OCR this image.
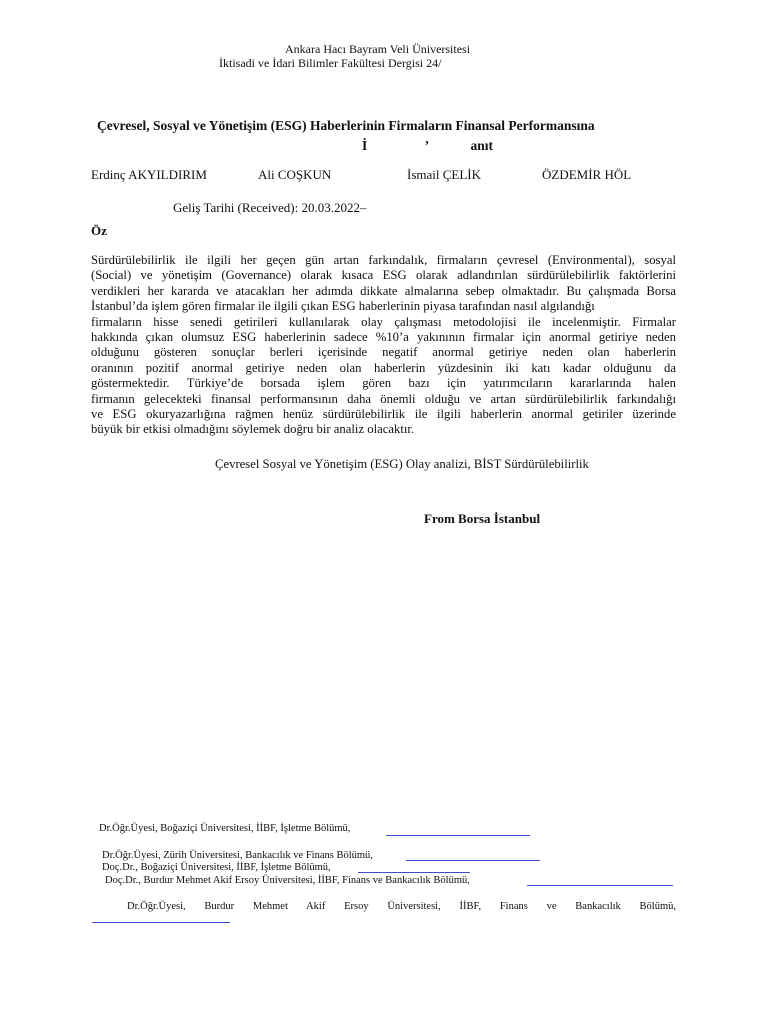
Ankara Hacı Bayram Veli Üniversitesi
İktisadi ve İdari Bilimler Fakültesi Dergisi 24/
Çevresel, Sosyal ve Yönetişim (ESG) Haberlerinin Firmaların Finansal Performansına
İ	’	anıt
Erdinç AKYILDIRIM	Ali COŞKUN	İsmail ÇELİK	ÖZDEMİR HÖL
Geliş Tarihi (Received): 20.03.2022–
Öz
Sürdürülebilirlik ile ilgili her geçen gün artan farkındalık, firmaların çevresel (Environmental), sosyal
(Social) ve yönetişim (Governance) olarak kısaca ESG olarak adlandırılan sürdürülebilirlik faktörlerini
verdikleri her kararda ve atacakları her adımda dikkate almalarına sebep olmaktadır. Bu çalışmada Borsa
İstanbul’da işlem gören firmalar ile ilgili çıkan ESG haberlerinin piyasa tarafından nasıl algılandığı
firmaların hisse senedi getirileri kullanılarak olay çalışması metodolojisi ile incelenmiştir. Firmalar
hakkında çıkan olumsuz ESG haberlerinin sadece %10’a yakınının firmalar için anormal getiriye neden
olduğunu gösteren sonuçlar berleri içerisinde negatif anormal getiriye neden olan haberlerin
oranının pozitif anormal getiriye neden olan haberlerin yüzdesinin iki katı kadar olduğunu da
göstermektedir. Türkiye’de borsada işlem gören bazı için yatırımcıların kararlarında halen
firmanın gelecekteki finansal performansının daha önemli olduğu ve artan sürdürülebilirlik farkındalığı
ve ESG okuryazarlığına rağmen henüz sürdürülebilirlik ile ilgili haberlerin anormal getiriler üzerinde
büyük bir etkisi olmadığını söylemek doğru bir analiz olacaktır.
Çevresel Sosyal ve Yönetişim (ESG) Olay analizi, BİST Sürdürülebilirlik
From Borsa İstanbul
Dr.Öğr.Üyesi, Boğaziçi Üniversitesi, İİBF, İşletme Bölümü,
Dr.Öğr.Üyesi, Zürih Üniversitesi, Bankacılık ve Finans Bölümü,
Doç.Dr., Boğaziçi Üniversitesi, İİBF, İşletme Bölümü,
Doç.Dr., Burdur Mehmet Akif Ersoy Üniversitesi, İİBF, Finans ve Bankacılık Bölümü,
Dr.Öğr.Üyesi, Burdur Mehmet Akif Ersoy Üniversitesi, İİBF, Finans ve Bankacılık Bölümü,
